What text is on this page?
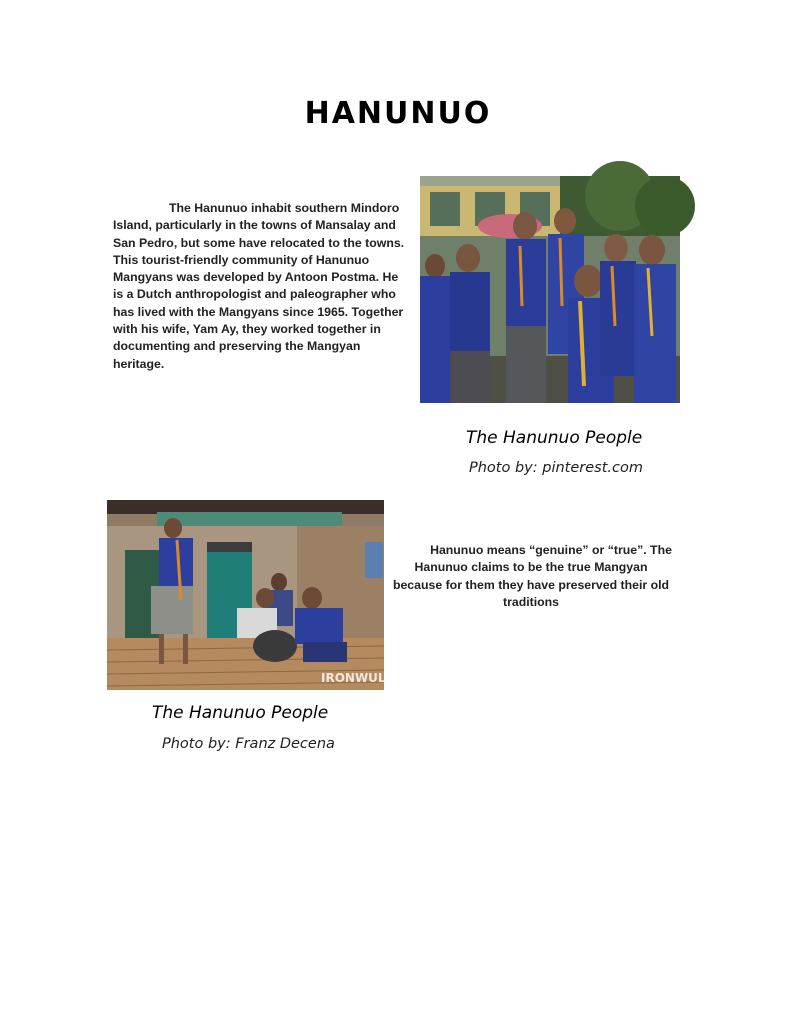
HANUNUO
The Hanunuo inhabit southern Mindoro Island, particularly in the towns of Mansalay and San Pedro, but some have relocated to the towns. This tourist-friendly community of Hanunuo Mangyans was developed by Antoon Postma. He is a Dutch anthropologist and paleographer who has lived with the Mangyans since 1965. Together with his wife, Yam Ay, they worked together in documenting and preserving the Mangyan heritage.
The Hanunuo People
Photo by: pinterest.com
IRONWULF
Hanunuo means “genuine” or “true”. The Hanunuo claims to be the true Mangyan because for them they have preserved their old traditions
The Hanunuo People
Photo by: Franz Decena
